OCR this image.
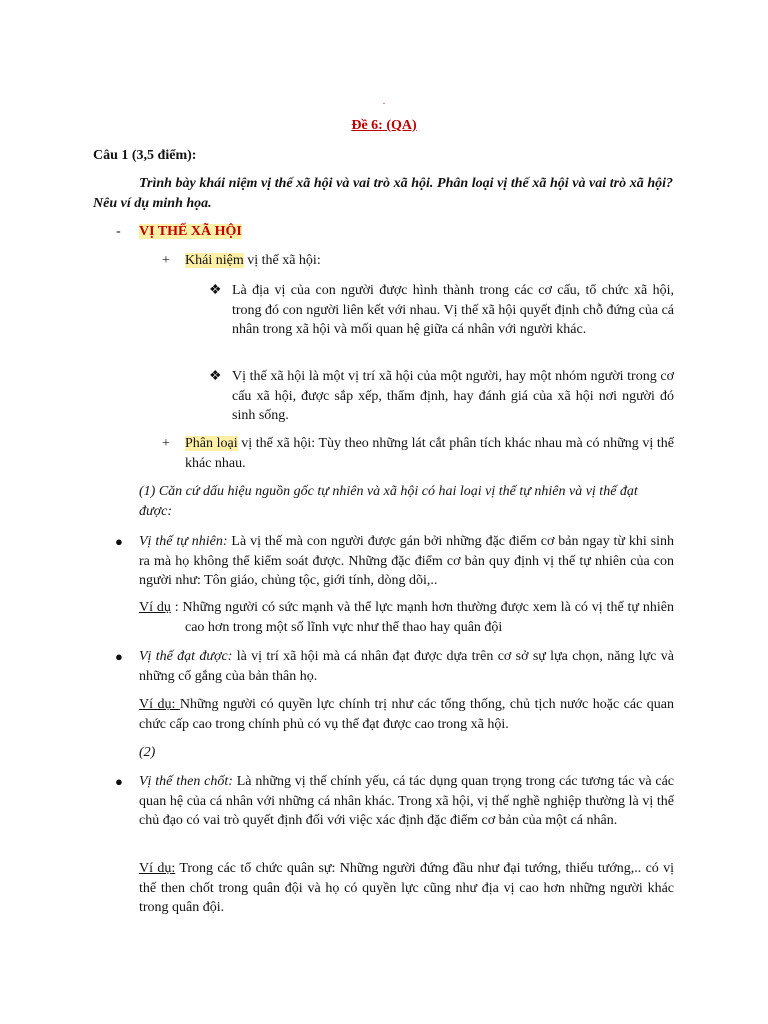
.
Đề 6: (QA)
Câu 1 (3,5 điểm):
Trình bày khái niệm vị thế xã hội và vai trò xã hội. Phân loại vị thế xã hội và vai trò xã hội? Nêu ví dụ minh họa.
- VỊ THẾ XÃ HỘI
+ Khái niệm vị thế xã hội:
❖ Là địa vị của con người được hình thành trong các cơ cấu, tổ chức xã hội, trong đó con người liên kết với nhau. Vị thế xã hội quyết định chỗ đứng của cá nhân trong xã hội và mối quan hệ giữa cá nhân với người khác.
❖ Vị thế xã hội là một vị trí xã hội của một người, hay một nhóm người trong cơ cấu xã hội, được sắp xếp, thẩm định, hay đánh giá của xã hội nơi người đó sinh sống.
+ Phân loại vị thế xã hội: Tùy theo những lát cắt phân tích khác nhau mà có những vị thế khác nhau.
(1) Căn cứ dấu hiệu nguồn gốc tự nhiên và xã hội có hai loại vị thế tự nhiên và vị thế đạt được:
● Vị thế tự nhiên: Là vị thế mà con người được gán bởi những đặc điểm cơ bản ngay từ khi sinh ra mà họ không thể kiểm soát được. Những đặc điểm cơ bản quy định vị thế tự nhiên của con người như: Tôn giáo, chủng tộc, giới tính, dòng dõi,..
Ví dụ : Những người có sức mạnh và thể lực mạnh hơn thường được xem là có vị thế tự nhiên cao hơn trong một số lĩnh vực như thể thao hay quân đội
● Vị thế đạt được: là vị trí xã hội mà cá nhân đạt được dựa trên cơ sở sự lựa chọn, năng lực và những cố gắng của bản thân họ.
Ví dụ: Những người có quyền lực chính trị như các tổng thống, chủ tịch nước hoặc các quan chức cấp cao trong chính phủ có vụ thế đạt được cao trong xã hội.
(2)
● Vị thế then chốt: Là những vị thế chính yếu, cá tác dụng quan trọng trong các tương tác và các quan hệ của cá nhân với những cá nhân khác. Trong xã hội, vị thế nghề nghiệp thường là vị thế chủ đạo có vai trò quyết định đối với việc xác định đặc điểm cơ bản của một cá nhân.
Ví dụ: Trong các tổ chức quân sự: Những người đứng đầu như đại tướng, thiếu tướng,.. có vị thế then chốt trong quân đội và họ có quyền lực cũng như địa vị cao hơn những người khác trong quân đội.
